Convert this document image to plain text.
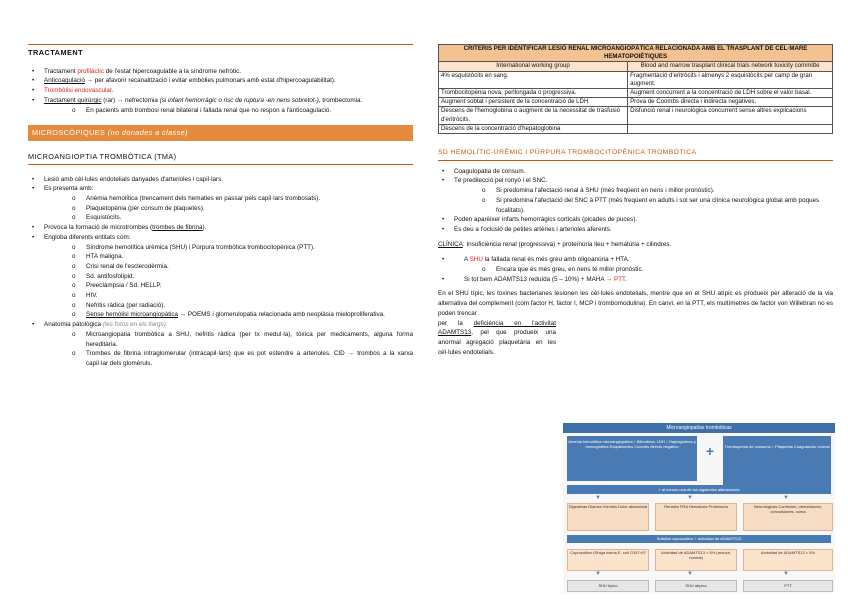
TRACTAMENT
• Tractament profilàctic de l'estat hipercoagulable a la síndrome nefròtic.
• Anticoagulació → per afavorir recanalització i evitar embòlies pulmonars amb estat d'hipercoagulabilitat).
• Trombòlisi endovascular.
• Tractament quirúrgic (rar) → nefrectomia (si infant hemorràgic o risc de ruptura -en nens sobretot-), trombectomia.
o En pacients amb trombosi renal bilateral i fallada renal que no respon a l'anticoagulació.
MICROSCÒPIQUES (no donades a classe)
MICROANGIOPTIA TROMBÒTICA (TMA)
• Lesió amb cèl·lules endotelials danyades d'arterioles i capil·lars.
• Es presenta amb:
o Anèmia hemolítica (trencament dels hematies en passar pels capil·lars trombosats).
o Plaquetopènia (per consum de plaquetes).
o Esquistòcits.
• Provoca la formació de microtrombes (trombes de fibrina).
• Engloba diferents entitats com:
o Síndrome hemolítica urèmica (SHU) i Púrpura trombòtica trombocitopènica (PTT).
o HTA maligna.
o Crisi renal de l'esclerodèrmia.
o Sd. antifosfolípid.
o Preeclàmpsia / Sd. HELLP.
o HIV.
o Nefritis ràdica (per radiació).
o Sense hemòlisi microangiopàtica → POEMS i glomerulopatia relacionada amb neoplàsia mieloproliferativa.
• Anatomia patològica (les fotos en els llargs):
o Microangiopatia trombòtica a SHU, nefritis ràdica (per tx medul·la), tòxica per medicaments, alguna forma hereditària.
o Trombes de fibrina intraglomerular (intracapil·lars) que es pot estendre a arterioles. CID → trombos a la xarxa capil·lar dels glomèruls.
CRITERIS PER IDENTIFICAR LESIÓ RENAL MICROANGIOPÀTICA RELACIONADA AMB EL TRASPLANT DE CEL·MARE HEMATOPOIÈTIQUES	
International working group	Blood and marrow trasplant clinical trials network toxicity committe
4% esquistòcits en sang.	Fragmentació d'eritròcits i almenys 2 esquistòcits per camp de gran augment.
Trombocitopènia nova, perllongada o progressiva.	Augment concurrent a la concentració de LDH sobre el valor basal.
Augment sobtat i persistent de la concentració de LDH	Prova de Coombs directa i indirecta negatives.
Descens de l'hemoglobina o augment de la necessitat de trasfusió d'eritròcits.	Disfunció renal i neurològica concurrent sense altres explicacions
Descens de la concentració d'hepatoglobina	
SD HEMOLÍTIC-URÈMIC I PÚRPURA TROMBOCITOPÈNICA TROMBÒTICA
• Coagulopatia de consum.
• Té predilecció pel ronyó i el SNC.
o Si predomina l'afectació renal à SHU (més freqüent en nens i millor pronòstic).
o Si predomina l'afectació del SNC à PTT (més freqüent en adults i sol ser una clínica neurològica global amb poques focalitats).
• Poden aparèixer infarts hemorràgics corticals (picades de puces).
• Es deu a l'oclusió de petites artèries i arterioles aferents.
CLÍNICA: Insuficiència renal (progressiva) + proteïnúria lleu + hematúria + cilindres.
• A SHU la fallada renal és més greu amb oligoanúria + HTA.
o Encara que és més greu, en nens té millor pronòstic.
• Si tot bem ADAMTS13 reduïda (5 – 10%) + MAHA → PTT.
En el SHU típic, les toxines bacterianes lesionen les cèl·lules endotelials, mentre que en el SHU atípic es produeix per alteració de la via alternativa del complement (com factor H, factor I, MCP i trombomodulina). En canvi, en la PTT, els multímetres de factor von Willebran no es poden trencar
per la deficiència en l'activitat ADAMTS13, pel que produeix una anormal agregació plaquetària en les cèl·lules endotelials.
Microangiopatías trombóticas
Anemia hemolítica microangiopática ↑ Bilirrubina, LDH ↓ Haptoglobina y hemoglobina Esquistocitos Coombs directo negativo	+	Trombopenia de consumo ↓ Plaquetas Coagulación normal
+ al menos una de las siguientes alteraciones
▼	▼	▼
Digestivas Diarrea Vómitos Dolor abdominal	Renales FRA Hematuria Proteinuria	Neurológicas Confusión, obnubilación, convulsiones, coma
Solicitar coprocultivo + actividad de ADAMTS13
Coprocultivo (Shiga toxina E. coli O157:H7	Actividad de ADAMTS13 > 5% (reducir, normal)
Actividad de ADAMTS13 < 5%
▼	▼	▼
SHU típico	SHU atípico	PTT
